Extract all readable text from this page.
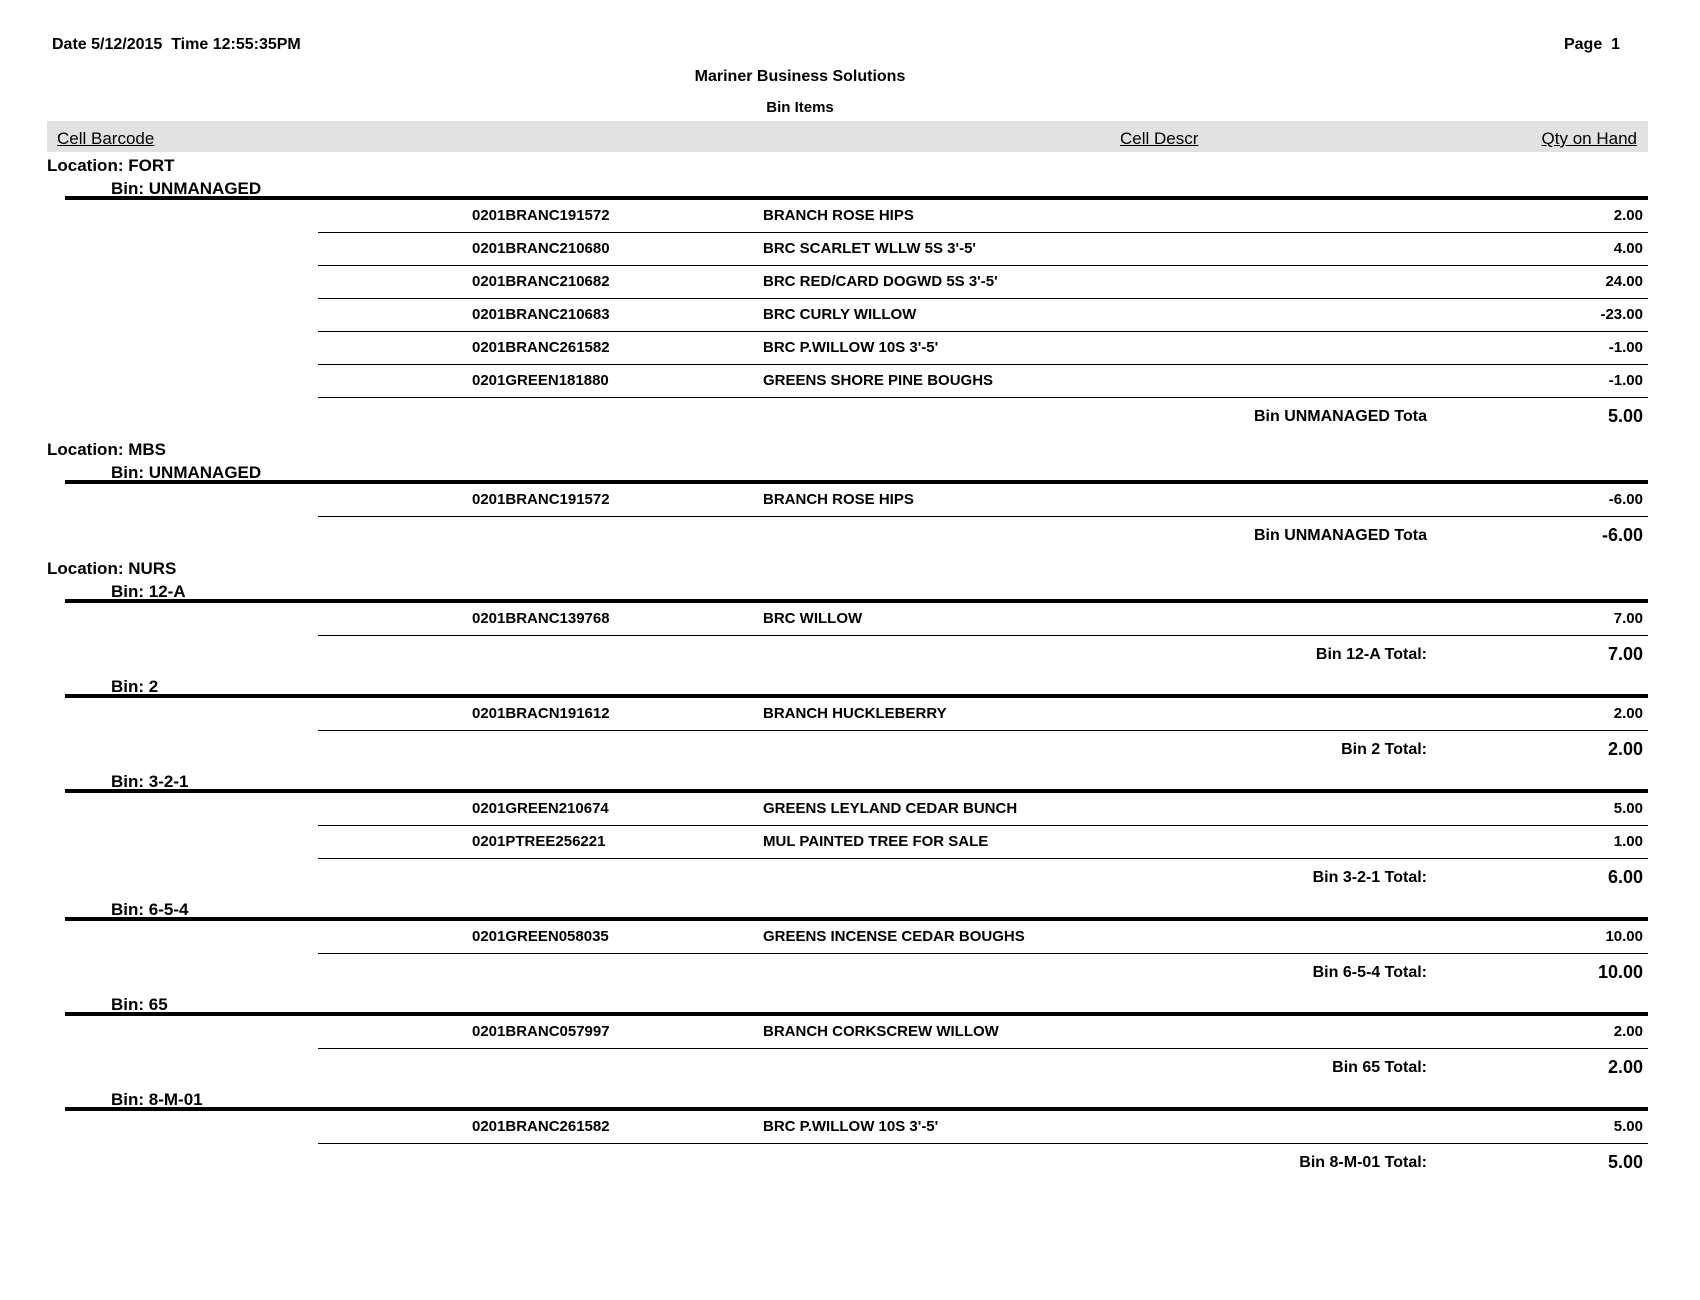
Date 5/12/2015  Time 12:55:35PM	Page  1
Mariner Business Solutions
Bin Items
Cell Barcode	Cell Descr	Qty on Hand
Location: FORT
Bin: UNMANAGED
0201BRANC191572	BRANCH ROSE HIPS	2.00
0201BRANC210680	BRC SCARLET WLLW 5S 3'-5'	4.00
0201BRANC210682	BRC RED/CARD DOGWD 5S 3'-5'	24.00
0201BRANC210683	BRC CURLY WILLOW	-23.00
0201BRANC261582	BRC P.WILLOW 10S 3'-5'	-1.00
0201GREEN181880	GREENS SHORE PINE BOUGHS	-1.00
Bin UNMANAGED Tota	5.00
Location: MBS
Bin: UNMANAGED
0201BRANC191572	BRANCH ROSE HIPS	-6.00
Bin UNMANAGED Tota	-6.00
Location: NURS
Bin: 12-A
0201BRANC139768	BRC WILLOW	7.00
Bin 12-A Total:	7.00
Bin: 2
0201BRACN191612	BRANCH HUCKLEBERRY	2.00
Bin 2 Total:	2.00
Bin: 3-2-1
0201GREEN210674	GREENS LEYLAND CEDAR BUNCH	5.00
0201PTREE256221	MUL PAINTED TREE FOR SALE	1.00
Bin 3-2-1 Total:	6.00
Bin: 6-5-4
0201GREEN058035	GREENS INCENSE CEDAR BOUGHS	10.00
Bin 6-5-4 Total:	10.00
Bin: 65
0201BRANC057997	BRANCH CORKSCREW WILLOW	2.00
Bin 65 Total:	2.00
Bin: 8-M-01
0201BRANC261582	BRC P.WILLOW 10S 3'-5'	5.00
Bin 8-M-01 Total:	5.00
